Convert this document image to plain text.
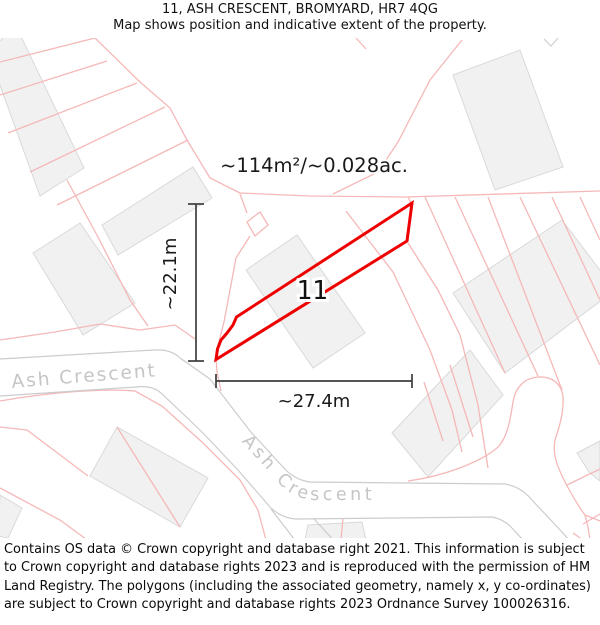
11, ASH CRESCENT, BROMYARD, HR7 4QG
Map shows position and indicative extent of the property.
Ash Crescent
Ash Crescent
~22.1m
~27.4m
~114m²/~0.028ac.
11
Contains OS data © Crown copyright and database right 2021. This information is subject to Crown copyright and database rights 2023 and is reproduced with the permission of HM Land Registry. The polygons (including the associated geometry, namely x, y co-ordinates) are subject to Crown copyright and database rights 2023 Ordnance Survey 100026316.
